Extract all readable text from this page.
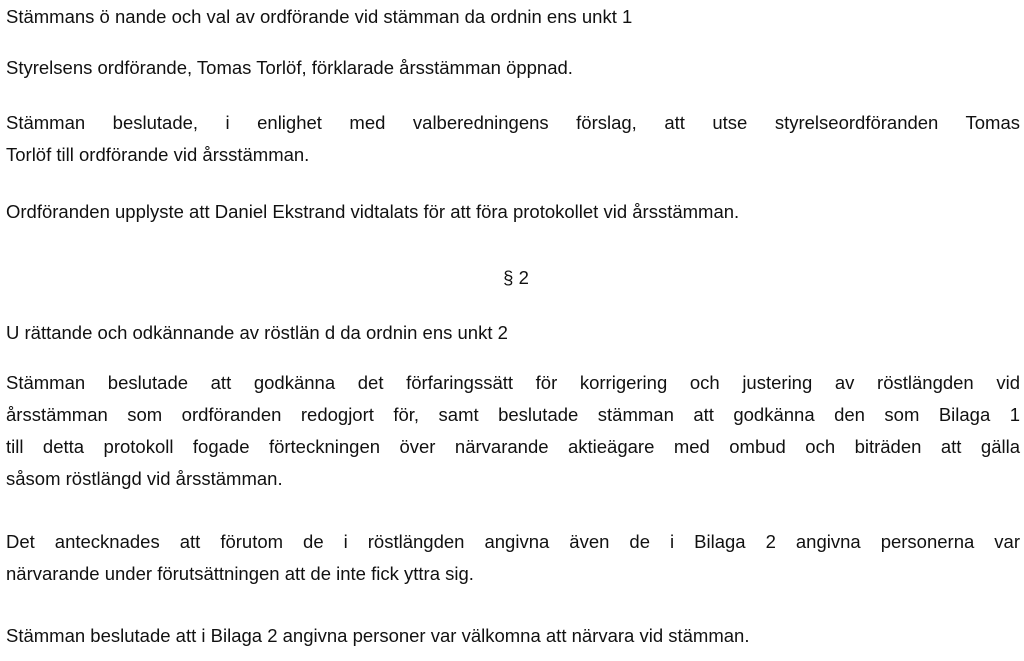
Stämmans ö nande och val av ordförande vid stämman da ordnin ens unkt 1

Styrelsens ordförande, Tomas Torlöf, förklarade årsstämman öppnad.

Stämman beslutade, i enlighet med valberedningens förslag, att utse styrelseordföranden Tomas

Torlöf till ordförande vid årsstämman.

Ordföranden upplyste att Daniel Ekstrand vidtalats för att föra protokollet vid årsstämman.

§ 2

U rättande och odkännande av röstlän d da ordnin ens unkt 2

Stämman beslutade att godkänna det förfaringssätt för korrigering och justering av röstlängden vid

årsstämman som ordföranden redogjort för, samt beslutade stämman att godkänna den som Bilaga 1

till detta protokoll fogade förteckningen över närvarande aktieägare med ombud och biträden att gälla

såsom röstlängd vid årsstämman.

Det antecknades att förutom de i röstlängden angivna även de i Bilaga 2 angivna personerna var

närvarande under förutsättningen att de inte fick yttra sig.

Stämman beslutade att i Bilaga 2 angivna personer var välkomna att närvara vid stämman.
